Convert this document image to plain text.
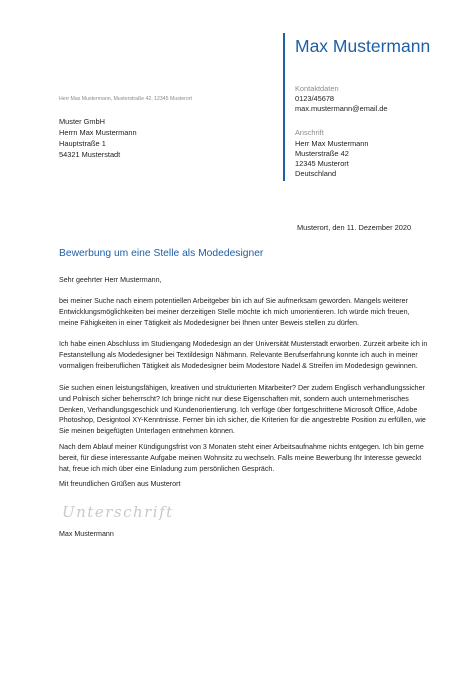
Max Mustermann
Kontaktdaten
0123/45678
max.mustermann@email.de
Anschrift
Herr Max Mustermann
Musterstraße 42
12345 Musterort
Deutschland
Herr Max Mustermann, Musterstraße 42, 12345 Musterort
Muster GmbH
Herrn Max Mustermann
Hauptstraße 1
54321 Musterstadt
Musterort, den 11. Dezember 2020
Bewerbung um eine Stelle als Modedesigner
Sehr geehrter Herr Mustermann,
bei meiner Suche nach einem potentiellen Arbeitgeber bin ich auf Sie aufmerksam geworden. Mangels weiterer Entwicklungsmöglichkeiten bei meiner derzeitigen Stelle möchte ich mich umorientieren. Ich würde mich freuen, meine Fähigkeiten in einer Tätigkeit als Modedesigner bei Ihnen unter Beweis stellen zu dürfen.
Ich habe einen Abschluss im Studiengang Modedesign an der Universität Musterstadt erworben. Zurzeit arbeite ich in Festanstellung als Modedesigner bei Textildesign Nähmann. Relevante Berufserfahrung konnte ich auch in meiner vormaligen freiberuflichen Tätigkeit als Modedesigner beim Modestore Nadel & Streifen im Modedesign gewinnen.
Sie suchen einen leistungsfähigen, kreativen und strukturierten Mitarbeiter? Der zudem Englisch verhandlungssicher und Polnisch sicher beherrscht? Ich bringe nicht nur diese Eigenschaften mit, sondern auch unternehmerisches Denken, Verhandlungsgeschick und Kundenorientierung. Ich verfüge über fortgeschrittene Microsoft Office, Adobe Photoshop, Designtool XY-Kenntnisse. Ferner bin ich sicher, die Kriterien für die angestrebte Position zu erfüllen, wie Sie meinen beigefügten Unterlagen entnehmen können.
Nach dem Ablauf meiner Kündigungsfrist von 3 Monaten steht einer Arbeitsaufnahme nichts entgegen. Ich bin gerne bereit, für diese interessante Aufgabe meinen Wohnsitz zu wechseln. Falls meine Bewerbung Ihr Interesse geweckt hat, freue ich mich über eine Einladung zum persönlichen Gespräch.
Mit freundlichen Grüßen aus Musterort
Unterschrift
Max Mustermann
